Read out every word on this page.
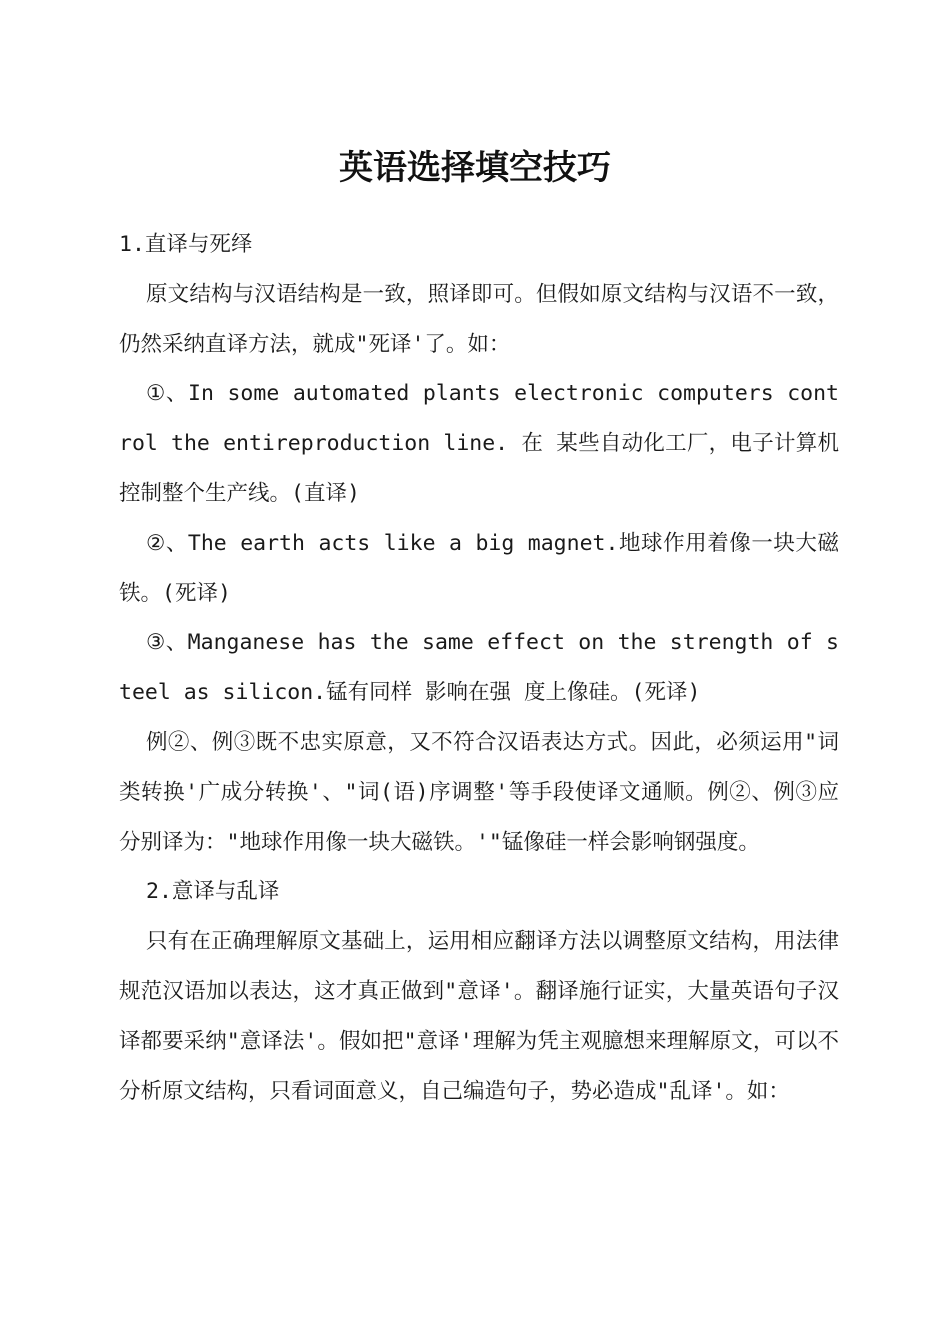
英语选择填空技巧

1.直译与死绎

原文结构与汉语结构是一致，照译即可。但假如原文结构与汉语不一致，仍然采纳直译方法，就成"死译'了。如：

①、In some automated plants electronic computers control the entireproduction line. 在 某些自动化工厂，电子计算机控制整个生产线。(直译)

②、The earth acts like a big magnet.地球作用着像一块大磁铁。(死译)

③、Manganese has the same effect on the strength of steel as silicon.锰有同样 影响在强 度上像硅。(死译)

例②、例③既不忠实原意，又不符合汉语表达方式。因此，必须运用"词类转换'广成分转换'、"词(语)序调整'等手段使译文通顺。例②、例③应分别译为："地球作用像一块大磁铁。'"锰像硅一样会影响钢强度。

2.意译与乱译

只有在正确理解原文基础上，运用相应翻译方法以调整原文结构，用法律规范汉语加以表达，这才真正做到"意译'。翻译施行证实，大量英语句子汉译都要采纳"意译法'。假如把"意译'理解为凭主观臆想来理解原文，可以不分析原文结构，只看词面意义，自己编造句子，势必造成"乱译'。如：
